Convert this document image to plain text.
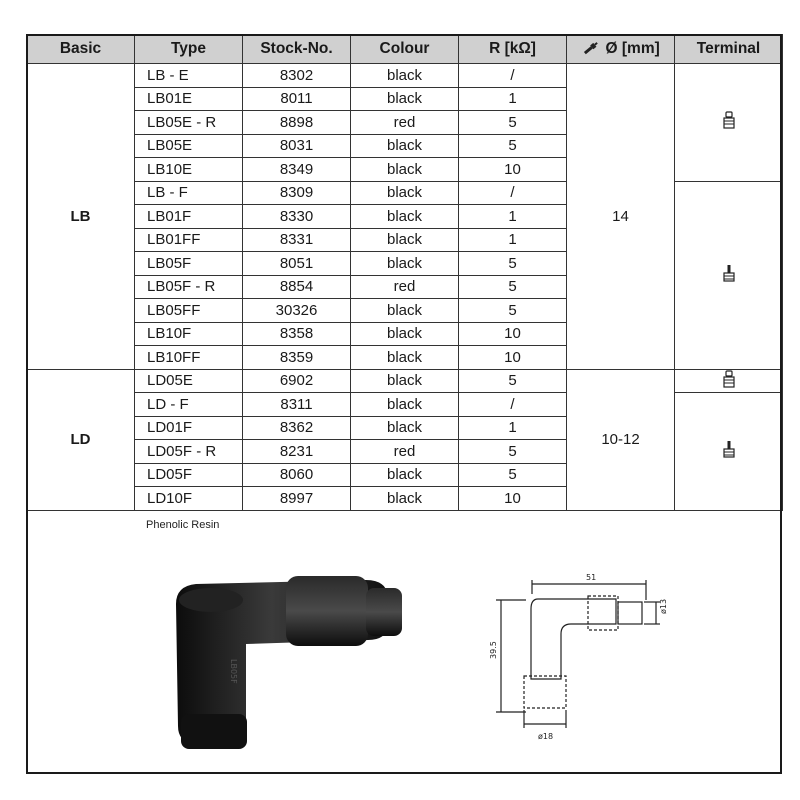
Basic	Type	Stock-No.	Colour	R [kΩ]	Ø [mm]	Terminal
LB	LB - E	8302	black	/	14	
	LB01E	8011	black	1		
	LB05E - R	8898	red	5		
	LB05E	8031	black	5		
	LB10E	8349	black	10		
	LB - F	8309	black	/	
	LB01F	8330	black	1		
	LB01FF	8331	black	1		
	LB05F	8051	black	5		
	LB05F - R	8854	red	5		
	LB05FF	30326	black	5		
	LB10F	8358	black	10		
	LB10FF	8359	black	10		
LD	LD05E	6902	black	5	10-12	
	LD - F	8311	black	/	
	LD01F	8362	black	1		
	LD05F - R	8231	red	5		
	LD05F	8060	black	5		
	LD10F	8997	black	10		
Phenolic Resin
LB05F
51
39.5
ø13
ø18
